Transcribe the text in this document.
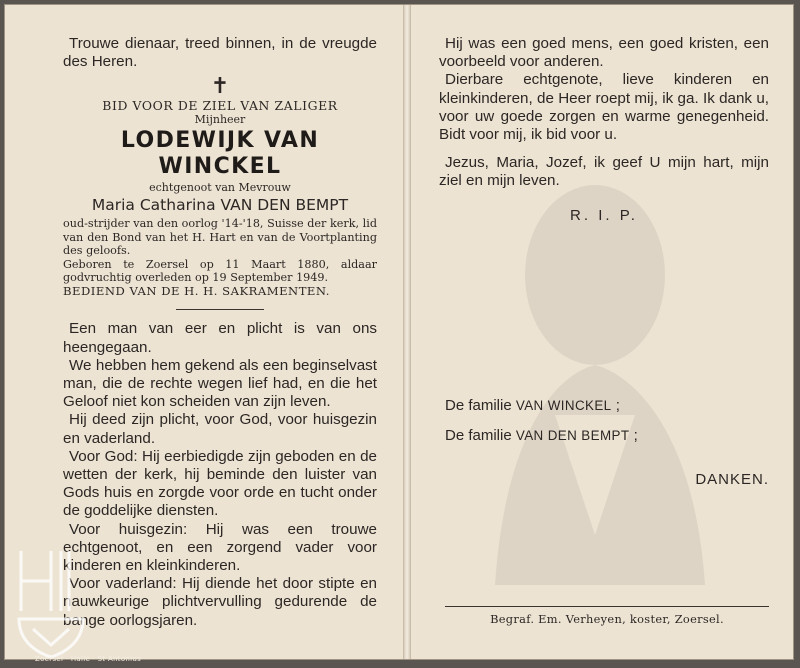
Trouwe dienaar, treed binnen, in de vreugde des Heren.

✝

BID VOOR DE ZIEL VAN ZALIGER

Mijnheer

LODEWIJK VAN WINCKEL

echtgenoot van Mevrouw

Maria Catharina VAN DEN BEMPT

oud-strijder van den oorlog '14-'18, Suisse der kerk, lid van den Bond van het H. Hart en van de Voortplanting des geloofs.

Geboren te Zoersel op 11 Maart 1880, aldaar godvruchtig overleden op 19 September 1949.

BEDIEND VAN DE H. H. SAKRAMENTEN.

Een man van eer en plicht is van ons heengegaan.

We hebben hem gekend als een beginselvast man, die de rechte wegen lief had, en die het Geloof niet kon scheiden van zijn leven.

Hij deed zijn plicht, voor God, voor huisgezin en vaderland.

Voor God: Hij eerbiedigde zijn geboden en de wetten der kerk, hij beminde den luister van Gods huis en zorgde voor orde en tucht onder de goddelijke diensten.

Voor huisgezin: Hij was een trouwe echtgenoot, en een zorgend vader voor kinderen en kleinkinderen.

Voor vaderland: Hij diende het door stipte en nauwkeurige plichtvervulling gedurende de bange oorlogsjaren.

Hij was een goed mens, een goed kristen, een voorbeeld voor anderen.

Dierbare echtgenote, lieve kinderen en kleinkinderen, de Heer roept mij, ik ga. Ik dank u, voor uw goede zorgen en warme genegenheid. Bidt voor mij, ik bid voor u.

Jezus, Maria, Jozef, ik geef U mijn hart, mijn ziel en mijn leven.

R. I. P.

De familie VAN WINCKEL ;
De familie VAN DEN BEMPT ;
DANKEN.
Begraf. Em. Verheyen, koster, Zoersel.
Zoersel · Halle · St Antonius
